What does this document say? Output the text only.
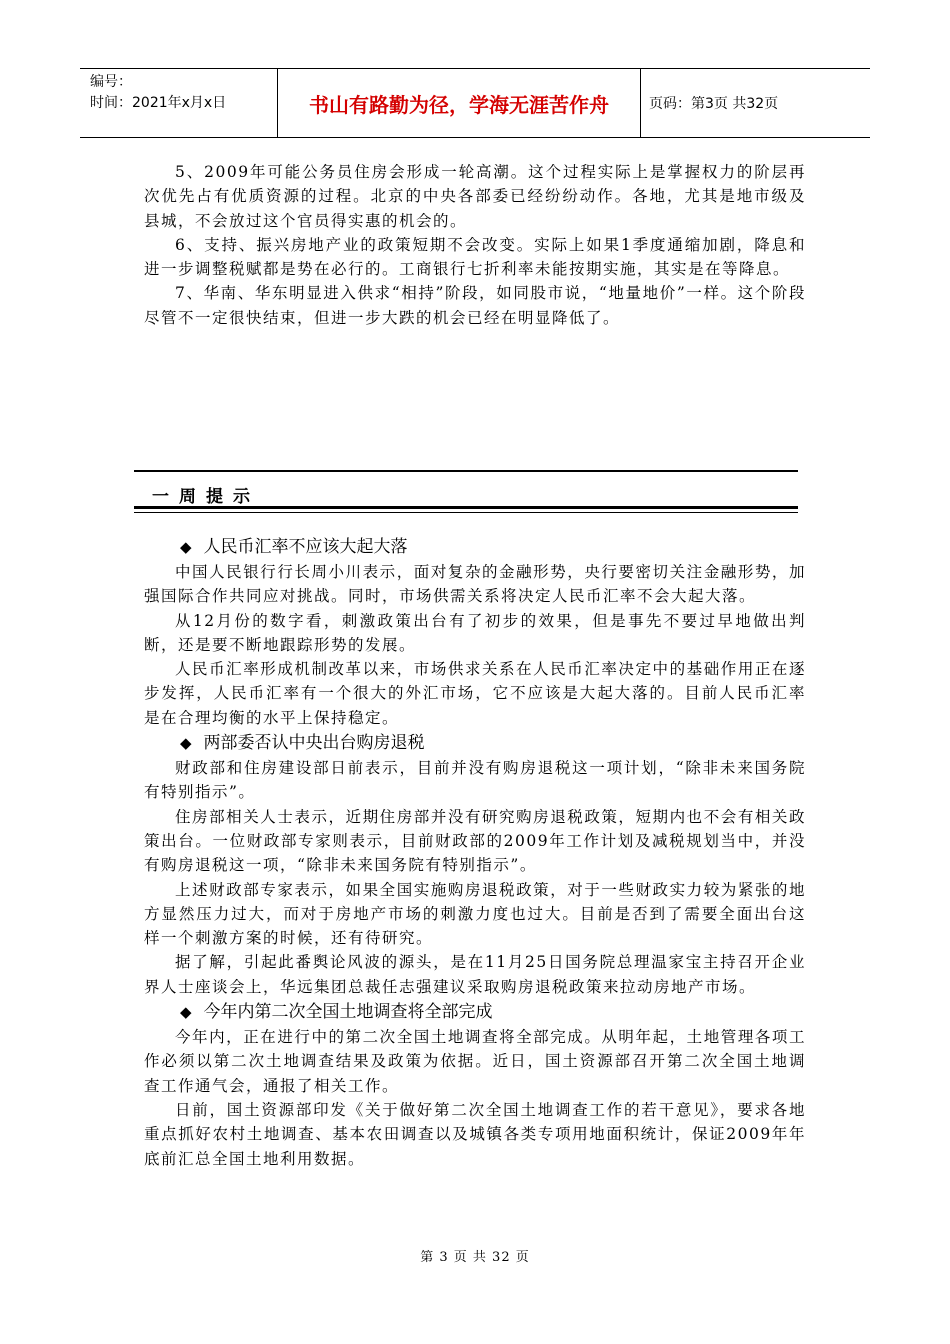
编号：
时间：2021年x月x日	书山有路勤为径，学海无涯苦作舟	页码：第3页 共32页

5、2009年可能公务员住房会形成一轮高潮。这个过程实际上是掌握权力的阶层再次优先占有优质资源的过程。北京的中央各部委已经纷纷动作。各地，尤其是地市级及县城，不会放过这个官员得实惠的机会的。

6、支持、振兴房地产业的政策短期不会改变。实际上如果1季度通缩加剧，降息和进一步调整税赋都是势在必行的。工商银行七折利率未能按期实施，其实是在等降息。

7、华南、华东明显进入供求“相持”阶段，如同股市说，“地量地价”一样。这个阶段尽管不一定很快结束，但进一步大跌的机会已经在明显降低了。

一周提示

◆ 人民币汇率不应该大起大落

中国人民银行行长周小川表示，面对复杂的金融形势，央行要密切关注金融形势，加强国际合作共同应对挑战。同时，市场供需关系将决定人民币汇率不会大起大落。

从12月份的数字看，刺激政策出台有了初步的效果，但是事先不要过早地做出判断，还是要不断地跟踪形势的发展。

人民币汇率形成机制改革以来，市场供求关系在人民币汇率决定中的基础作用正在逐步发挥，人民币汇率有一个很大的外汇市场，它不应该是大起大落的。目前人民币汇率是在合理均衡的水平上保持稳定。

◆ 两部委否认中央出台购房退税

财政部和住房建设部日前表示，目前并没有购房退税这一项计划，“除非未来国务院有特别指示”。

住房部相关人士表示，近期住房部并没有研究购房退税政策，短期内也不会有相关政策出台。一位财政部专家则表示，目前财政部的2009年工作计划及减税规划当中，并没有购房退税这一项，“除非未来国务院有特别指示”。

上述财政部专家表示，如果全国实施购房退税政策，对于一些财政实力较为紧张的地方显然压力过大，而对于房地产市场的刺激力度也过大。目前是否到了需要全面出台这样一个刺激方案的时候，还有待研究。

据了解，引起此番舆论风波的源头，是在11月25日国务院总理温家宝主持召开企业界人士座谈会上，华远集团总裁任志强建议采取购房退税政策来拉动房地产市场。

◆ 今年内第二次全国土地调查将全部完成

今年内，正在进行中的第二次全国土地调查将全部完成。从明年起，土地管理各项工作必须以第二次土地调查结果及政策为依据。近日，国土资源部召开第二次全国土地调查工作通气会，通报了相关工作。

日前，国土资源部印发《关于做好第二次全国土地调查工作的若干意见》，要求各地重点抓好农村土地调查、基本农田调查以及城镇各类专项用地面积统计，保证2009年年底前汇总全国土地利用数据。

第 3 页 共 32 页
